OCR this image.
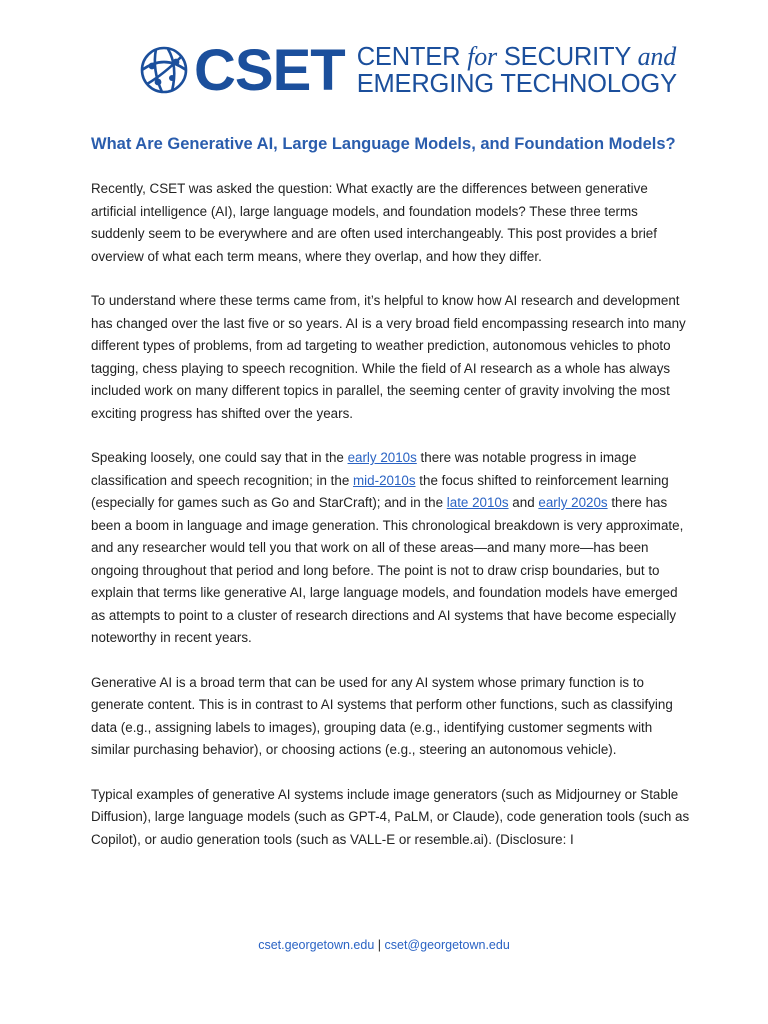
CSET CENTER for SECURITY and
EMERGING TECHNOLOGY
What Are Generative AI, Large Language Models, and Foundation Models?

Recently, CSET was asked the question: What exactly are the differences between generative artificial intelligence (AI), large language models, and foundation models? These three terms suddenly seem to be everywhere and are often used interchangeably. This post provides a brief overview of what each term means, where they overlap, and how they differ.

To understand where these terms came from, it’s helpful to know how AI research and development has changed over the last five or so years. AI is a very broad field encompassing research into many different types of problems, from ad targeting to weather prediction, autonomous vehicles to photo tagging, chess playing to speech recognition. While the field of AI research as a whole has always included work on many different topics in parallel, the seeming center of gravity involving the most exciting progress has shifted over the years.

Speaking loosely, one could say that in the early 2010s there was notable progress in image classification and speech recognition; in the mid-2010s the focus shifted to reinforcement learning (especially for games such as Go and StarCraft); and in the late 2010s and early 2020s there has been a boom in language and image generation. This chronological breakdown is very approximate, and any researcher would tell you that work on all of these areas—and many more—has been ongoing throughout that period and long before. The point is not to draw crisp boundaries, but to explain that terms like generative AI, large language models, and foundation models have emerged as attempts to point to a cluster of research directions and AI systems that have become especially noteworthy in recent years.

Generative AI is a broad term that can be used for any AI system whose primary function is to generate content. This is in contrast to AI systems that perform other functions, such as classifying data (e.g., assigning labels to images), grouping data (e.g., identifying customer segments with similar purchasing behavior), or choosing actions (e.g., steering an autonomous vehicle).

Typical examples of generative AI systems include image generators (such as Midjourney or Stable Diffusion), large language models (such as GPT-4, PaLM, or Claude), code generation tools (such as Copilot), or audio generation tools (such as VALL-E or resemble.ai). (Disclosure: I

cset.georgetown.edu | cset@georgetown.edu
